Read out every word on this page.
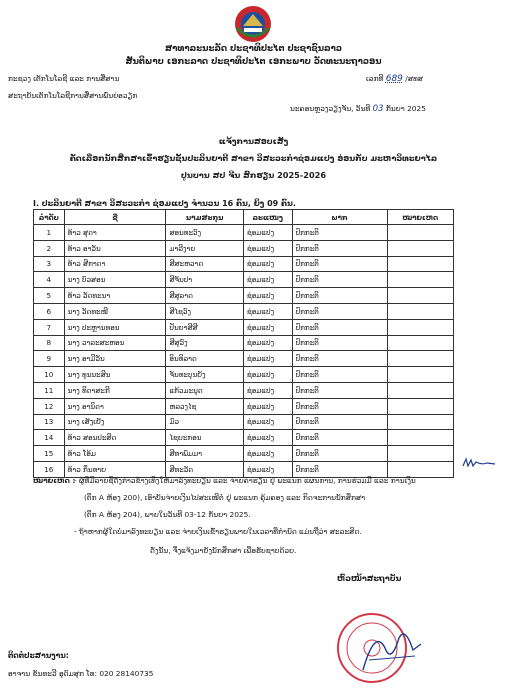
ສາທາລະນະລັດ ປະຊາທິປະໄຕ ປະຊາຊົນລາວ
ສັນຕິພາບ ເອກະລາດ ປະຊາທິປະໄຕ ເອກະພາບ ວັດທະນະຖາວອນ
ກະຊວງ ເຕັກໂນໂລຊີ ແລະ ການສື່ສານ
ສະຖາບັນເຕັກໂນໂລຊີການສື່ສານພົ່ນຍ່ອວຽກ
ເລກທີ 689 /ສທສ
ນະຄອນຫຼວງວຽງຈັນ, ວັນທີ 03 ກັນຍາ 2025
ແຈ້ງການສອບເສັງ
ຄັດເລືອກນັກສຶກສາເຂົ້າຮຽນຊັ້ນປະລິນຍາຕີ ສາຂາ ວິສະວະກຳຊ່ອມແປງ ອ່ອນກັບ ມະຫາວິທະຍາໄລ
ປູນບານ ສປ ຈີນ ສົກຮຽນ 2025-2026
I. ປະລິນຍາຕີ ສາຂາ ວິສະວະກຳ ຊ່ອມແປງ ຈຳນວນ 16 ຄົນ, ຍິງ 09 ຄົນ.
ລຳດັບ	ຊື່	ນາມສະກຸນ	ລະແໜງ	ພາກ	ໝາຍເຫດ
1	ທ້າວ ສຸດາ	ສອນທະວົງ	ຊ່ອມແປງ	ປົກກະຕິ	
2	ທ້າວ ອາວັນ	ມາລີງາຍ	ຊ່ອມແປງ	ປົກກະຕິ	
3	ທ້າວ ສີກາດາ	ສີສະຫວາດ	ຊ່ອມແປງ	ປົກກະຕິ	
4	ນາງ ບົວສອນ	ສີຈັນປາ	ຊ່ອມແປງ	ປົກກະຕິ	
5	ທ້າວ ວັດທະນາ	ສີສຸລາດ	ຊ່ອມແປງ	ປົກກະຕິ	
6	ນາງ ວັດທະໜີ	ສີໄຊວົງ	ຊ່ອມແປງ	ປົກກະຕິ	
7	ນາງ ປະຫຼານທອນ	ປັນຍາສີສີ	ຊ່ອມແປງ	ປົກກະຕິ	
8	ນາງ ວາລະສະຫອນ	ສີສຸວົງ	ຊ່ອມແປງ	ປົກກະຕິ	
9	ນາງ ອາມີວັນ	ອິນທິລາດ	ຊ່ອມແປງ	ປົກກະຕິ	
10	ນາງ ທຸນນະສິນ	ຈັນທະບຸນຍັງ	ຊ່ອມແປງ	ປົກກະຕິ	
11	ນາງ ທິດາສະກີ	ແກ້ວມະນຸດ	ຊ່ອມແປງ	ປົກກະຕິ	
12	ນາງ ອານິດາ	ຫລວງໄຊ	ຊ່ອມແປງ	ປົກກະຕິ	
13	ນາງ ເສັງເຢັງ	ມົວ	ຊ່ອມແປງ	ປົກກະຕິ	
14	ທ້າວ ສອນປະສິດ	ໄຊຍະກອນ	ຊ່ອມແປງ	ປົກກະຕິ	
15	ທ້າວ ໂອ້ມ	ສີທາພົມມາ	ຊ່ອມແປງ	ປົກກະຕິ	
16	ທ້າວ ກິ່ນທາຍ	ສີທະວັດ	ຊ່ອມແປງ	ປົກກະຕິ	
ໝາຍເຫດ :
- ຜູ້ທີ່ມີລາຍຊື່ດັ່ງກ່າວຂ້າງເທິງໃຫ້ມາລົງທະບຽນ ແລະ ຈ່າຍຄ່າຮຽນ ຢູ່ ພະແນກ ແຜນການ, ການຮ່ວມມື ແລະ ການເງິນ
(ຕຶກ A ຫ້ອງ 200), ເອົາບັນຈ່າຍເງິນໄປສະເໜີຕໍ່ ຢູ່ ພະແນກ ຄຸ້ມຄອງ ແລະ ກິດຈະການນັກສຶກສາ
(ຕຶກ A ຫ້ອງ 204), ພາຍໃນວັນທີ 03-12 ກັນຍາ 2025.
- ຖ້າຫາກຜູ້ໃດບໍ່ມາລົງທະບຽນ ແລະ ຈ່າຍເງິນເຂົ້າຮຽນພາຍໃນເວລາທີ່ກຳນົດ ແມ່ນຖືວ່າ ສະລະສິດ.
ດັ່ງນັ້ນ, ຈຶ່ງແຈ້ງມາຍັງນັກສຶກສາ ເພື່ອຮັບຊາບດ້ວຍ.
ຫົວໜ້າສະຖາບັນ
ຕິດຕໍ່ປະສານງານ:
ອາຈານ ຂັນທະວີ ອຸດົມສຸກ ໂທ: 020 28140735
